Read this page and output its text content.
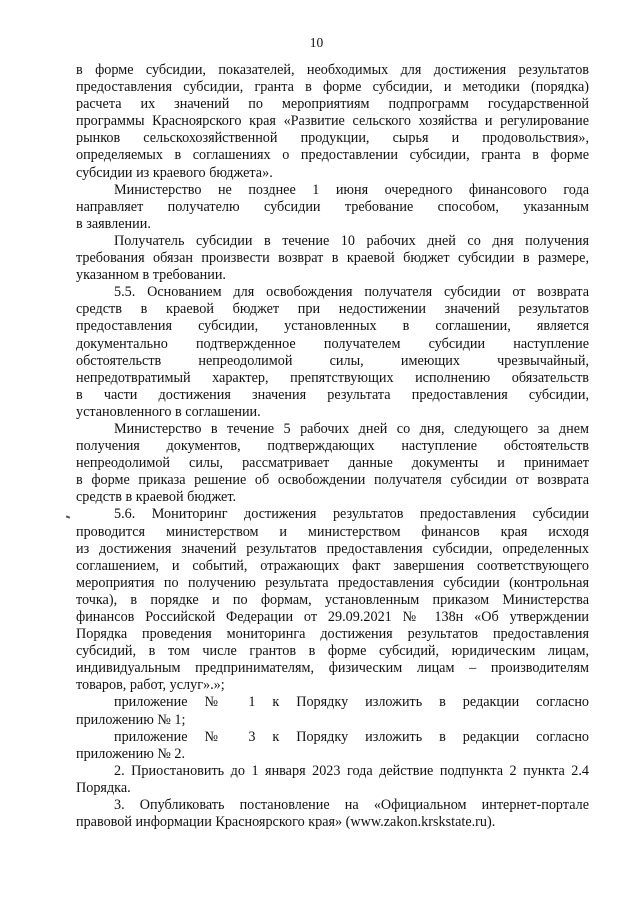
10
в форме субсидии, показателей, необходимых для достижения результатов
предоставления субсидии, гранта в форме субсидии, и методики (порядка)
расчета их значений по мероприятиям подпрограмм государственной
программы Красноярского края «Развитие сельского хозяйства и регулирование
рынков сельскохозяйственной продукции, сырья и продовольствия»,
определяемых в соглашениях о предоставлении субсидии, гранта в форме
субсидии из краевого бюджета».
Министерство не позднее 1 июня очередного финансового года
направляет получателю субсидии требование способом, указанным
в заявлении.
Получатель субсидии в течение 10 рабочих дней со дня получения
требования обязан произвести возврат в краевой бюджет субсидии в размере,
указанном в требовании.
5.5. Основанием для освобождения получателя субсидии от возврата
средств в краевой бюджет при недостижении значений результатов
предоставления субсидии, установленных в соглашении, является
документально подтвержденное получателем субсидии наступление
обстоятельств непреодолимой силы, имеющих чрезвычайный,
непредотвратимый характер, препятствующих исполнению обязательств
в части достижения значения результата предоставления субсидии,
установленного в соглашении.
Министерство в течение 5 рабочих дней со дня, следующего за днем
получения документов, подтверждающих наступление обстоятельств
непреодолимой силы, рассматривает данные документы и принимает
в форме приказа решение об освобождении получателя субсидии от возврата
средств в краевой бюджет.
5.6. Мониторинг достижения результатов предоставления субсидии
проводится министерством и министерством финансов края исходя
из достижения значений результатов предоставления субсидии, определенных
соглашением, и событий, отражающих факт завершения соответствующего
мероприятия по получению результата предоставления субсидии (контрольная
точка), в порядке и по формам, установленным приказом Министерства
финансов Российской Федерации от 29.09.2021 № 138н «Об утверждении
Порядка проведения мониторинга достижения результатов предоставления
субсидий, в том числе грантов в форме субсидий, юридическим лицам,
индивидуальным предпринимателям, физическим лицам – производителям
товаров, работ, услуг».»;
приложение № 1 к Порядку изложить в редакции согласно
приложению № 1;
приложение № 3 к Порядку изложить в редакции согласно
приложению № 2.
2. Приостановить до 1 января 2023 года действие подпункта 2 пункта 2.4
Порядка.
3. Опубликовать постановление на «Официальном интернет-портале
правовой информации Красноярского края» (www.zakon.krskstate.ru).
